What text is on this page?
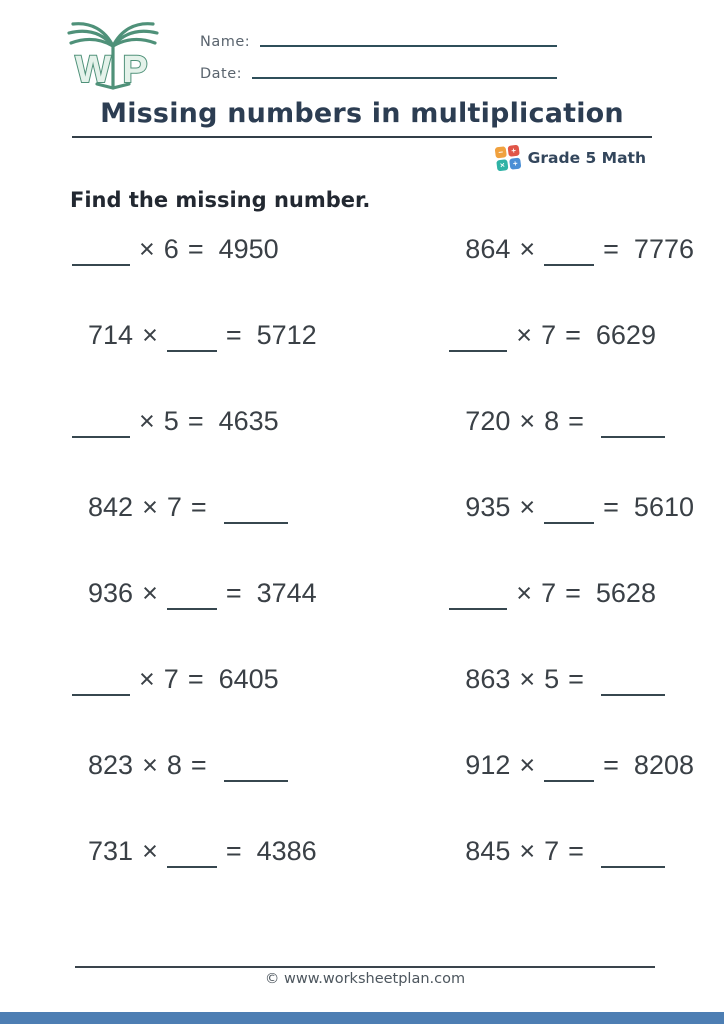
W P
Name:
Date:
Missing numbers in multiplication
− +
× + Grade 5 Math
Find the missing number.
× 6 = 4950
714 ×	= 5712
× 5 = 4635
842 × 7 =
936 ×	= 3744
× 7 = 6405
823 × 8 =
731 ×	= 4386
864 ×	= 7776
× 7 = 6629
720 × 8 =
935 ×	= 5610
× 7 = 5628
863 × 5 =
912 ×	= 8208
845 × 7 =
© www.worksheetplan.com
